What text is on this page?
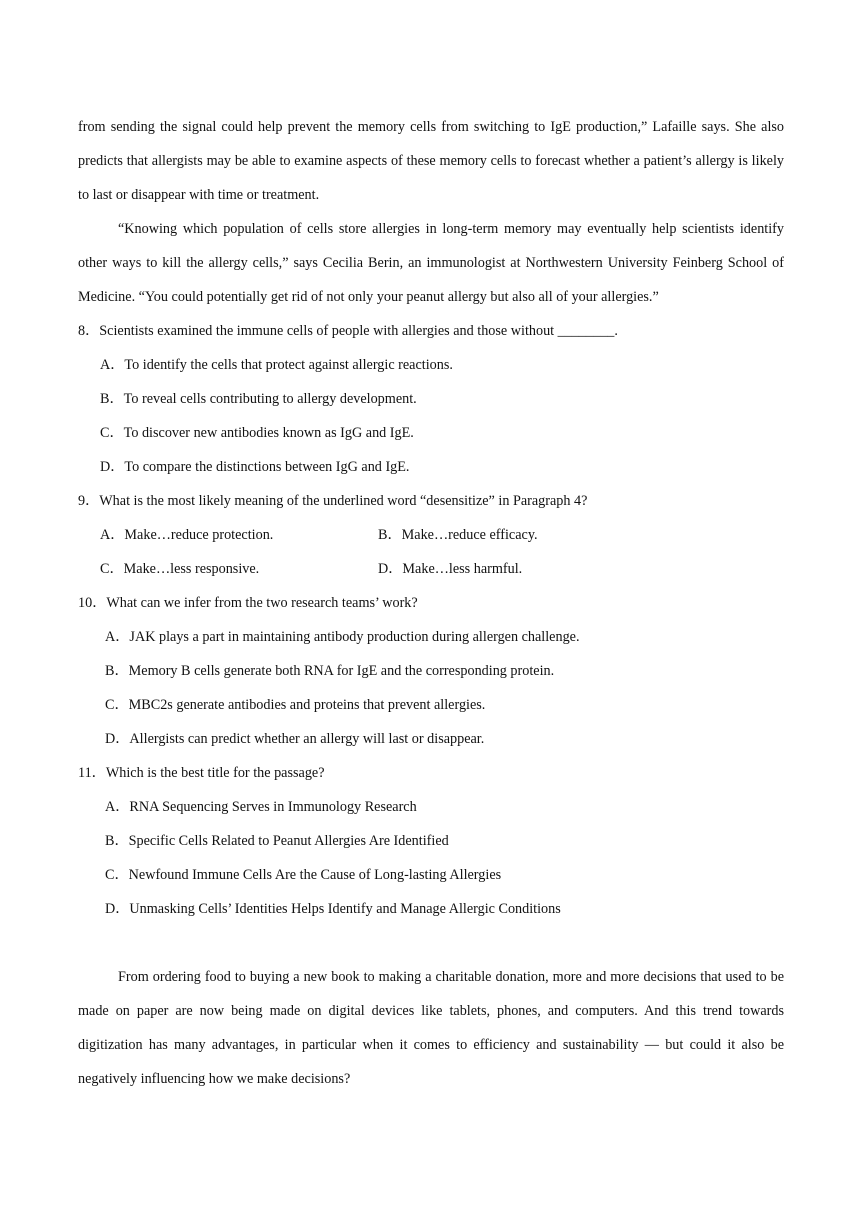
from sending the signal could help prevent the memory cells from switching to IgE production,” Lafaille says. She also predicts that allergists may be able to examine aspects of these memory cells to forecast whether a patient’s allergy is likely to last or disappear with time or treatment.

“Knowing which population of cells store allergies in long-term memory may eventually help scientists identify other ways to kill the allergy cells,” says Cecilia Berin, an immunologist at Northwestern University Feinberg School of Medicine. “You could potentially get rid of not only your peanut allergy but also all of your allergies.”

8．Scientists examined the immune cells of people with allergies and those without ________.

A．To identify the cells that protect against allergic reactions.

B．To reveal cells contributing to allergy development.

C．To discover new antibodies known as IgG and IgE.

D．To compare the distinctions between IgG and IgE.

9．What is the most likely meaning of the underlined word “desensitize” in Paragraph 4?

A．Make…reduce protection.	B．Make…reduce efficacy.
C．Make…less responsive.	D．Make…less harmful.

10．What can we infer from the two research teams’ work?

A．JAK plays a part in maintaining antibody production during allergen challenge.

B．Memory B cells generate both RNA for IgE and the corresponding protein.

C．MBC2s generate antibodies and proteins that prevent allergies.

D．Allergists can predict whether an allergy will last or disappear.

11．Which is the best title for the passage?

A．RNA Sequencing Serves in Immunology Research

B．Specific Cells Related to Peanut Allergies Are Identified

C．Newfound Immune Cells Are the Cause of Long-lasting Allergies

D．Unmasking Cells’ Identities Helps Identify and Manage Allergic Conditions

From ordering food to buying a new book to making a charitable donation, more and more decisions that used to be made on paper are now being made on digital devices like tablets, phones, and computers. And this trend towards digitization has many advantages, in particular when it comes to efficiency and sustainability — but could it also be negatively influencing how we make decisions?
